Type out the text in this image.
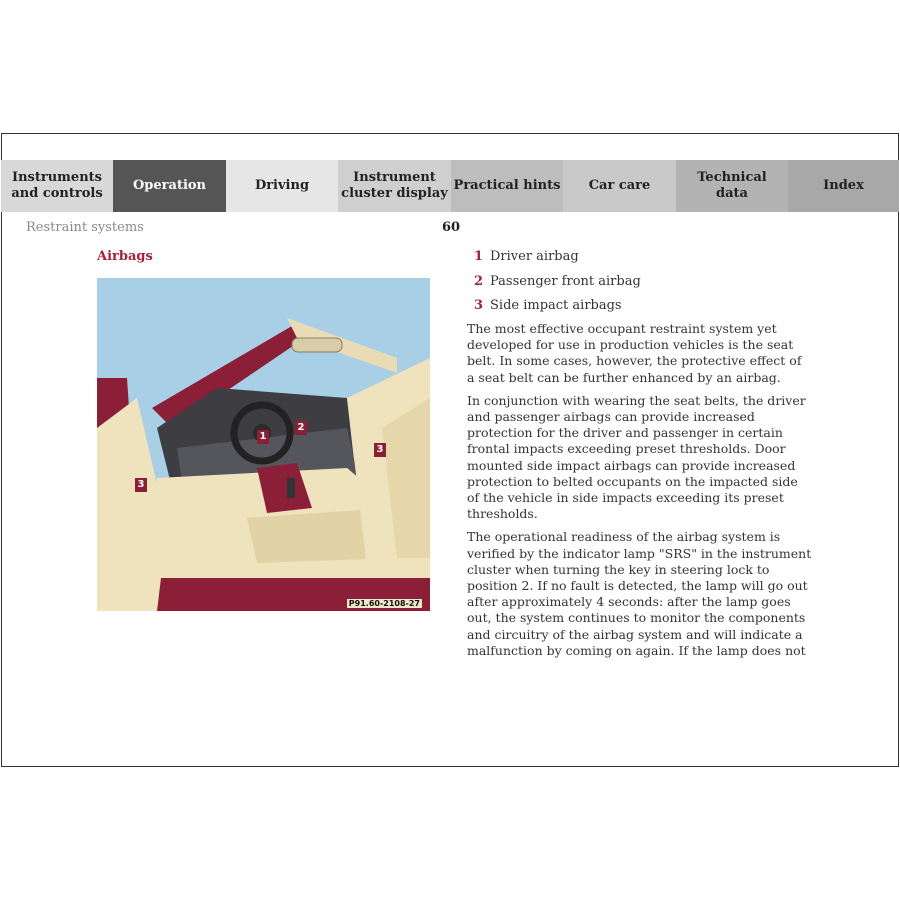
Instruments
and controls
Operation	Driving
Instrument
cluster display
Practical hints	Car care
Technical
data
Index
Restraint systems	60
Airbags
1
2
3
3
P91.60-2108-27
1 Driver airbag
2 Passenger front airbag
3 Side impact airbags

The most effective occupant restraint system yet developed for use in production vehicles is the seat belt. In some cases, however, the protective effect of a seat belt can be further enhanced by an airbag.

In conjunction with wearing the seat belts, the driver and passenger airbags can provide increased protection for the driver and passenger in certain frontal impacts exceeding preset thresholds. Door mounted side impact airbags can provide increased protection to belted occupants on the impacted side of the vehicle in side impacts exceeding its preset thresholds.

The operational readiness of the airbag system is verified by the indicator lamp "SRS" in the instrument cluster when turning the key in steering lock to position 2. If no fault is detected, the lamp will go out after approximately 4 seconds: after the lamp goes out, the system continues to monitor the components and circuitry of the airbag system and will indicate a malfunction by coming on again. If the lamp does not
